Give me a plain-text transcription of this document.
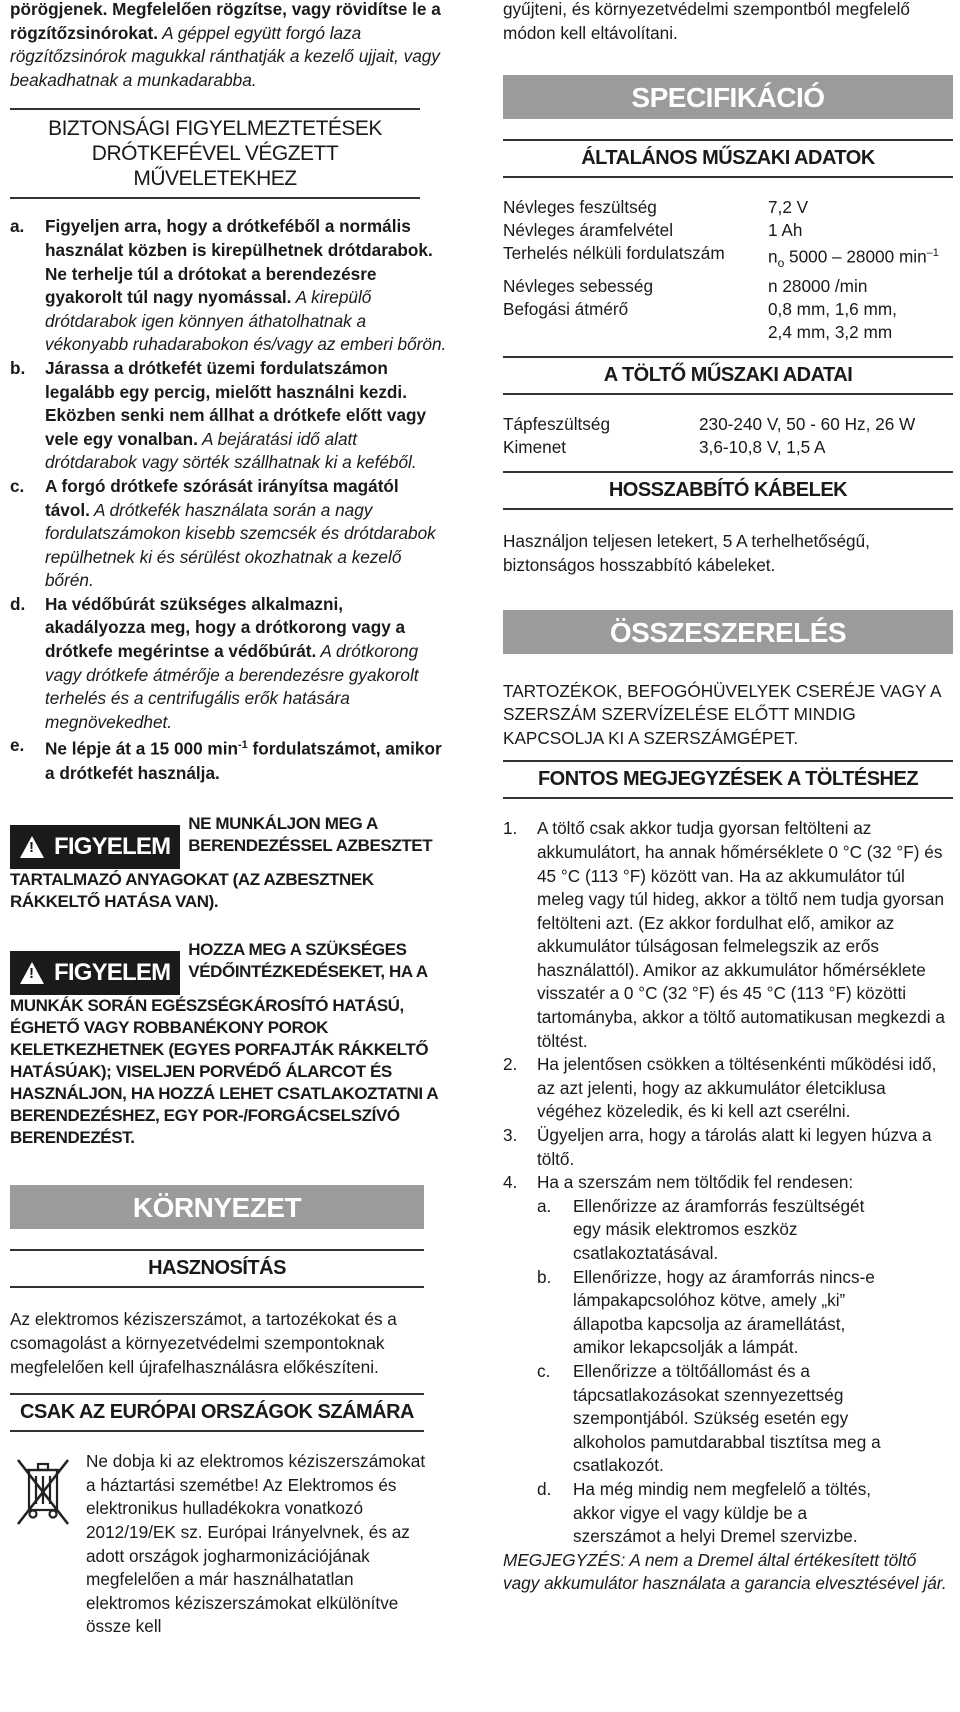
pörögjenek. Megfelelően rögzítse, vagy rövidítse le a rögzítőzsinórokat. A géppel együtt forgó laza rögzítőzsinórok magukkal ránthatják a kezelő ujjait, vagy beakadhatnak a munkadarabba.

BIZTONSÁGI FIGYELMEZTETÉSEK
DRÓTKEFÉVEL VÉGZETT MŰVELETEKHEZ
a.	Figyeljen arra, hogy a drótkeféből a normális használat közben is kirepülhetnek drótdarabok. Ne terhelje túl a drótokat a berendezésre gyakorolt túl nagy nyomással. A kirepülő drótdarabok igen könnyen áthatolhatnak a vékonyabb ruhadarabokon és/vagy az emberi bőrön.
b.	Járassa a drótkefét üzemi fordulatszámon legalább egy percig, mielőtt használni kezdi. Eközben senki nem állhat a drótkefe előtt vagy vele egy vonalban. A bejáratási idő alatt drótdarabok vagy sörték szállhatnak ki a keféből.
c.	A forgó drótkefe szórását irányítsa magától távol. A drótkefék használata során a nagy fordulatszámokon kisebb szemcsék és drótdarabok repülhetnek ki és sérülést okozhatnak a kezelő bőrén.
d.	Ha védőbúrát szükséges alkalmazni, akadályozza meg, hogy a drótkorong vagy a drótkefe megérintse a védőbúrát. A drótkorong vagy drótkefe átmérője a berendezésre gyakorolt terhelés és a centrifugális erők hatására megnövekedhet.
e.	Ne lépje át a 15 000 $\min^{-1}$ fordulatszámot, amikor a drótkefét használja.
! FIGYELEM
NE MUNKÁLJON MEG A
BERENDEZÉSSEL AZBESZTET
TARTALMAZÓ ANYAGOKAT (AZ AZBESZTNEK RÁKKELTŐ HATÁSA VAN).
! FIGYELEM
HOZZA MEG A SZÜKSÉGES
VÉDŐINTÉZKEDÉSEKET, HA A
MUNKÁK SORÁN EGÉSZSÉGKÁROSÍTÓ HATÁSÚ, ÉGHETŐ VAGY ROBBANÉKONY POROK KELETKEZHETNEK (EGYES PORFAJTÁK RÁKKELTŐ HATÁSÚAK); VISELJEN PORVÉDŐ ÁLARCOT ÉS HASZNÁLJON, HA HOZZÁ LEHET CSATLAKOZTATNI A BERENDEZÉSHEZ, EGY POR-/FORGÁCSELSZÍVÓ BERENDEZÉST.
KÖRNYEZET
HASZNOSÍTÁS

Az elektromos kéziszerszámot, a tartozékokat és a csomagolást a környezetvédelmi szempontoknak megfelelően kell újrafelhasználásra előkészíteni.

CSAK AZ EURÓPAI ORSZÁGOK SZÁMÁRA

Ne dobja ki az elektromos kéziszerszámokat a háztartási szemétbe! Az Elektromos és elektronikus hulladékokra vonatkozó 2012/19/EK sz. Európai Irányelvnek, és az adott országok jogharmonizációjának megfelelően a már használhatatlan elektromos kéziszerszámokat elkülönítve össze kell

gyűjteni, és környezetvédelmi szempontból megfelelő módon kell eltávolítani.

SPECIFIKÁCIÓ
ÁLTALÁNOS MŰSZAKI ADATOK
Névleges feszültség	7,2 V
Névleges áramfelvétel	1 Ah
Terhelés nélküli fordulatszám	$n_o$ 5000 – 28000 $\min^{-1}$
Névleges sebesség	n 28000 /min
Befogási átmérő	0,8 mm, 1,6 mm,
2,4 mm, 3,2 mm
A TÖLTŐ MŰSZAKI ADATAI
Tápfeszültség	230-240 V, 50 - 60 Hz, 26 W
Kimenet	3,6-10,8 V, 1,5 A
HOSSZABBÍTÓ KÁBELEK

Használjon teljesen letekert, 5 A terhelhetőségű, biztonságos hosszabbító kábeleket.

ÖSSZESZERELÉS

TARTOZÉKOK, BEFOGÓHÜVELYEK CSERÉJE VAGY A SZERSZÁM SZERVÍZELÉSE ELŐTT MINDIG KAPCSOLJA KI A SZERSZÁMGÉPET.

FONTOS MEGJEGYZÉSEK A TÖLTÉSHEZ
1.	A töltő csak akkor tudja gyorsan feltölteni az akkumulátort, ha annak hőmérséklete 0 °C (32 °F) és 45 °C (113 °F) között van. Ha az akkumulátor túl meleg vagy túl hideg, akkor a töltő nem tudja gyorsan feltölteni azt. (Ez akkor fordulhat elő, amikor az akkumulátor túlságosan felmelegszik az erős használattól). Amikor az akkumulátor hőmérséklete visszatér a 0 °C (32 °F) és 45 °C (113 °F) közötti tartományba, akkor a töltő automatikusan megkezdi a töltést.
2.	Ha jelentősen csökken a töltésenkénti működési idő, az azt jelenti, hogy az akkumulátor életciklusa végéhez közeledik, és ki kell azt cserélni.
3.	Ügyeljen arra, hogy a tárolás alatt ki legyen húzva a töltő.
4.	Ha a szerszám nem töltődik fel rendesen:
a.	Ellenőrizze az áramforrás feszültségét egy másik elektromos eszköz csatlakoztatásával.
b.	Ellenőrizze, hogy az áramforrás nincs-e lámpakapcsolóhoz kötve, amely „ki” állapotba kapcsolja az áramellátást, amikor lekapcsolják a lámpát.
c.	Ellenőrizze a töltőállomást és a tápcsatlakozásokat szennyezettség szempontjából. Szükség esetén egy alkoholos pamutdarabbal tisztítsa meg a csatlakozót.
d.	Ha még mindig nem megfelelő a töltés, akkor vigye el vagy küldje be a szerszámot a helyi Dremel szervizbe.

MEGJEGYZÉS: A nem a Dremel által értékesített töltő vagy akkumulátor használata a garancia elvesztésével jár.
